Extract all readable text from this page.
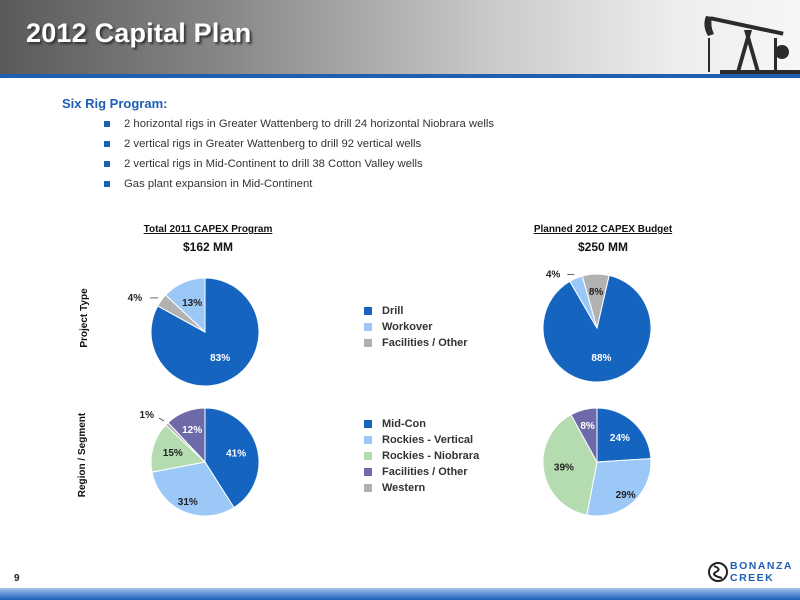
2012 Capital Plan
Six Rig Program:
2 horizontal rigs in Greater Wattenberg to drill 24 horizontal Niobrara wells
2 vertical rigs in Greater Wattenberg to drill 92 vertical wells
2 vertical rigs in Mid-Continent to drill 38 Cotton Valley wells
Gas plant expansion in Mid-Continent
Total 2011 CAPEX Program
$162 MM
Planned 2012 CAPEX Budget
$250 MM
Project Type
Region / Segment
Drill
Workover
Facilities / Other
Mid-Con
Rockies - Vertical
Rockies - Niobrara
Facilities / Other
Western
83%
4%	13%
88%
4%
8%
41%
31%
15%
1%
12%
24%
29%
39%
8%
9
BONANZA
CREEK
